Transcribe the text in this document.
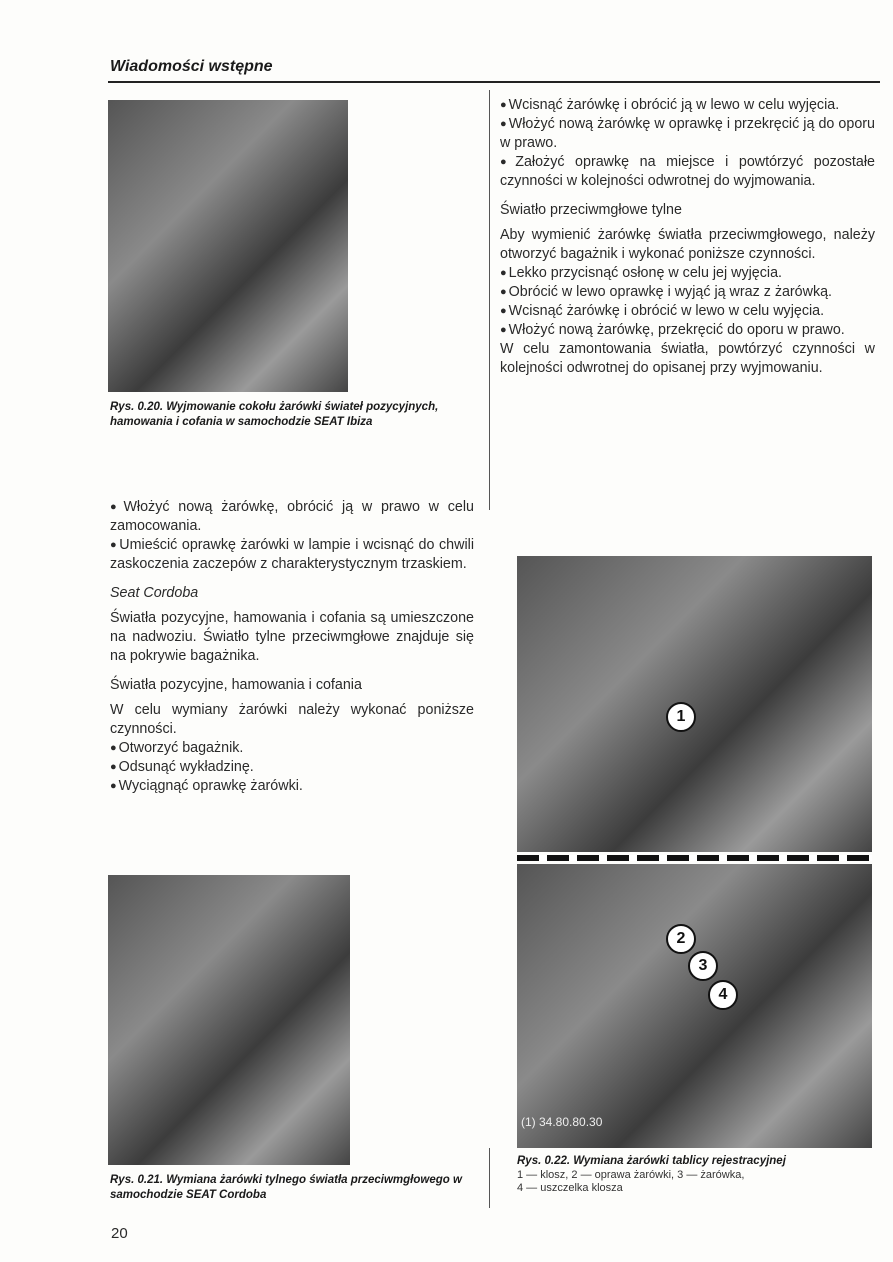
Wiadomości wstępne
Rys. 0.20. Wyjmowanie cokołu żarówki świateł pozycyjnych, hamowania i cofania w samochodzie SEAT Ibiza

● Włożyć nową żarówkę, obrócić ją w prawo w celu zamocowania.

● Umieścić oprawkę żarówki w lampie i wcisnąć do chwili zaskoczenia zaczepów z charakterystycznym trzaskiem.

Seat Cordoba

Światła pozycyjne, hamowania i cofania są umieszczone na nadwoziu. Światło tylne przeciwmgłowe znajduje się na pokrywie bagażnika.

Światła pozycyjne, hamowania i cofania

W celu wymiany żarówki należy wykonać poniższe czynności.

● Otworzyć bagażnik.

● Odsunąć wykładzinę.

● Wyciągnąć oprawkę żarówki.

Rys. 0.21. Wymiana żarówki tylnego światła przeciwmgłowego w samochodzie SEAT Cordoba

● Wcisnąć żarówkę i obrócić ją w lewo w celu wyjęcia.

● Włożyć nową żarówkę w oprawkę i przekręcić ją do oporu w prawo.

● Założyć oprawkę na miejsce i powtórzyć pozostałe czynności w kolejności odwrotnej do wyjmowania.

Światło przeciwmgłowe tylne

Aby wymienić żarówkę światła przeciwmgłowego, należy otworzyć bagażnik i wykonać poniższe czynności.

● Lekko przycisnąć osłonę w celu jej wyjęcia.

● Obrócić w lewo oprawkę i wyjąć ją wraz z żarówką.

● Wcisnąć żarówkę i obrócić w lewo w celu wyjęcia.

● Włożyć nową żarówkę, przekręcić do oporu w prawo.

W celu zamontowania światła, powtórzyć czynności w kolejności odwrotnej do opisanej przy wyjmowaniu.

1
2
3
4
(1) 34.80.80.30
Rys. 0.22. Wymiana żarówki tablicy rejestracyjnej
1 — klosz, 2 — oprawa żarówki, 3 — żarówka,
4 — uszczelka klosza
20
